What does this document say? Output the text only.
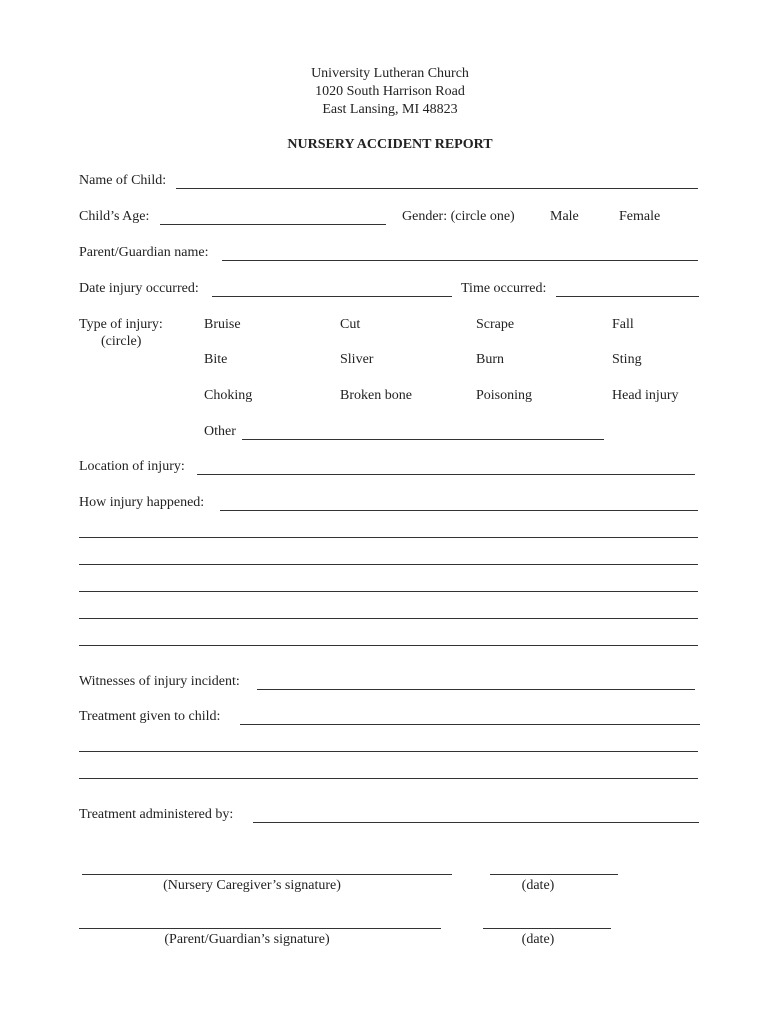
University Lutheran Church
1020 South Harrison Road
East Lansing, MI 48823
NURSERY ACCIDENT REPORT
Name of Child:
Child’s Age:	Gender: (circle one)	Male	Female
Parent/Guardian name:
Date injury occurred:	Time occurred:
Type of injury:
(circle)
Bruise	Cut	Scrape	Fall
Bite	Sliver	Burn	Sting
Choking	Broken bone	Poisoning	Head injury
Other
Location of injury:
How injury happened:
Witnesses of injury incident:
Treatment given to child:
Treatment administered by:
(Nursery Caregiver’s signature)	(date)
(Parent/Guardian’s signature)	(date)
